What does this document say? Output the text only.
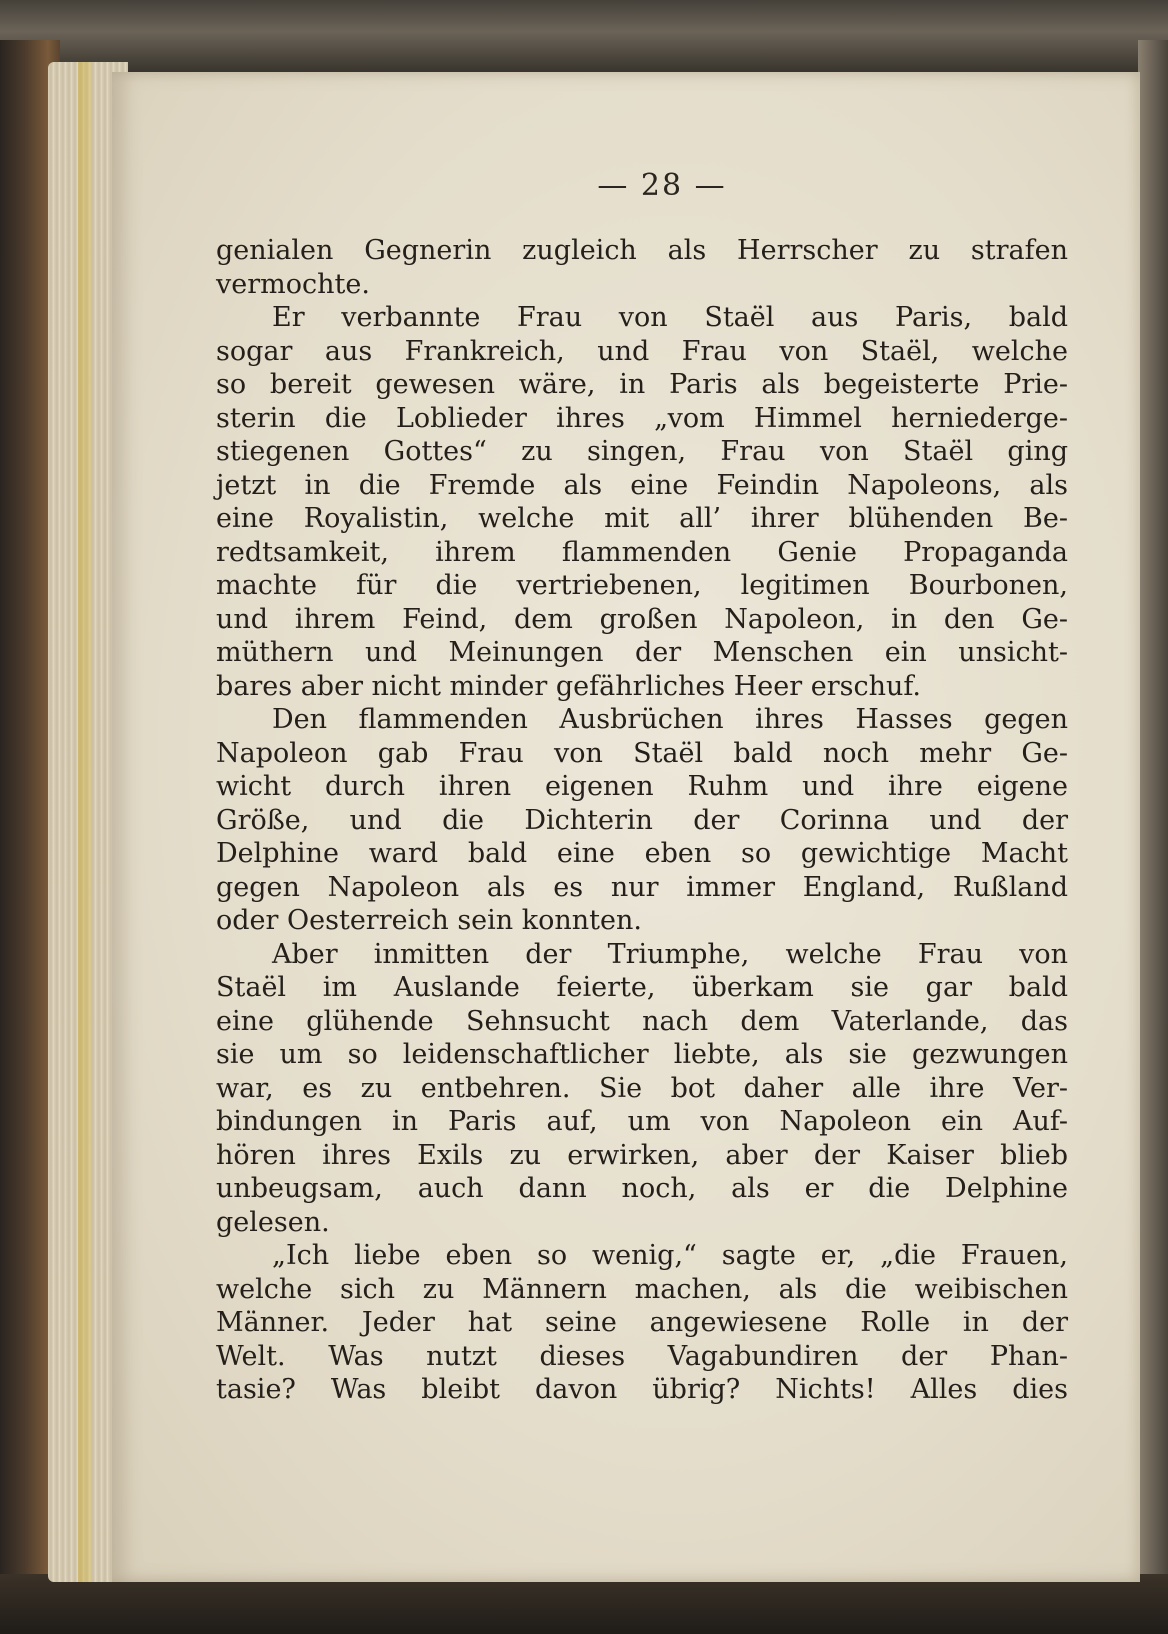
— 28 —
genialen Gegnerin zugleich als Herrscher zu strafen
vermochte.
Er verbannte Frau von Staël aus Paris, bald
sogar aus Frankreich, und Frau von Staël, welche
so bereit gewesen wäre, in Paris als begeisterte Prie-
sterin die Loblieder ihres „vom Himmel herniederge-
stiegenen Gottes“ zu singen, Frau von Staël ging
jetzt in die Fremde als eine Feindin Napoleons, als
eine Royalistin, welche mit all’ ihrer blühenden Be-
redtsamkeit, ihrem flammenden Genie Propaganda
machte für die vertriebenen, legitimen Bourbonen,
und ihrem Feind, dem großen Napoleon, in den Ge-
müthern und Meinungen der Menschen ein unsicht-
bares aber nicht minder gefährliches Heer erschuf.
Den flammenden Ausbrüchen ihres Hasses gegen
Napoleon gab Frau von Staël bald noch mehr Ge-
wicht durch ihren eigenen Ruhm und ihre eigene
Größe, und die Dichterin der Corinna und der
Delphine ward bald eine eben so gewichtige Macht
gegen Napoleon als es nur immer England, Rußland
oder Oesterreich sein konnten.
Aber inmitten der Triumphe, welche Frau von
Staël im Auslande feierte, überkam sie gar bald
eine glühende Sehnsucht nach dem Vaterlande, das
sie um so leidenschaftlicher liebte, als sie gezwungen
war, es zu entbehren. Sie bot daher alle ihre Ver-
bindungen in Paris auf, um von Napoleon ein Auf-
hören ihres Exils zu erwirken, aber der Kaiser blieb
unbeugsam, auch dann noch, als er die Delphine
gelesen.
„Ich liebe eben so wenig,“ sagte er, „die Frauen,
welche sich zu Männern machen, als die weibischen
Männer. Jeder hat seine angewiesene Rolle in der
Welt. Was nutzt dieses Vagabundiren der Phan-
tasie? Was bleibt davon übrig? Nichts! Alles dies
